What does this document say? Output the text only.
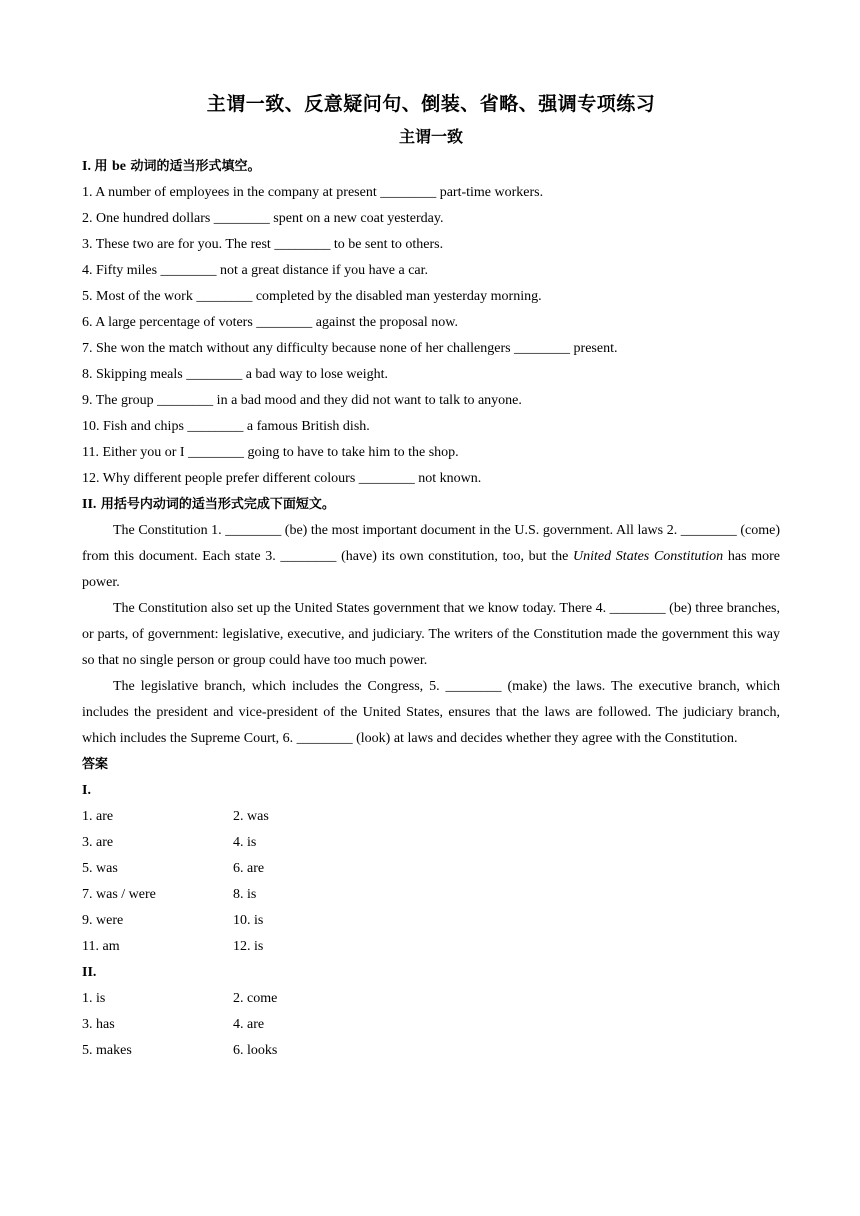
主谓一致、反意疑问句、倒装、省略、强调专项练习
主谓一致

I. 用 be 动词的适当形式填空。

1. A number of employees in the company at present ________ part-time workers.

2. One hundred dollars ________ spent on a new coat yesterday.

3. These two are for you. The rest ________ to be sent to others.

4. Fifty miles ________ not a great distance if you have a car.

5. Most of the work ________ completed by the disabled man yesterday morning.

6. A large percentage of voters ________ against the proposal now.

7. She won the match without any difficulty because none of her challengers ________ present.

8. Skipping meals ________ a bad way to lose weight.

9. The group ________ in a bad mood and they did not want to talk to anyone.

10. Fish and chips ________ a famous British dish.

11. Either you or I ________ going to have to take him to the shop.

12. Why different people prefer different colours ________ not known.

II. 用括号内动词的适当形式完成下面短文。

The Constitution 1. ________ (be) the most important document in the U.S. government. All laws 2. ________ (come) from this document. Each state 3. ________ (have) its own constitution, too, but the United States Constitution has more power.

The Constitution also set up the United States government that we know today. There 4. ________ (be) three branches, or parts, of government: legislative, executive, and judiciary. The writers of the Constitution made the government this way so that no single person or group could have too much power.

The legislative branch, which includes the Congress, 5. ________ (make) the laws. The executive branch, which includes the president and vice-president of the United States, ensures that the laws are followed. The judiciary branch, which includes the Supreme Court, 6. ________ (look) at laws and decides whether they agree with the Constitution.

答案

I.

1. are	2. was
3. are	4. is
5. was	6. are
7. was / were	8. is
9. were	10. is
11. am	12. is

II.

1. is	2. come
3. has	4. are
5. makes	6. looks
